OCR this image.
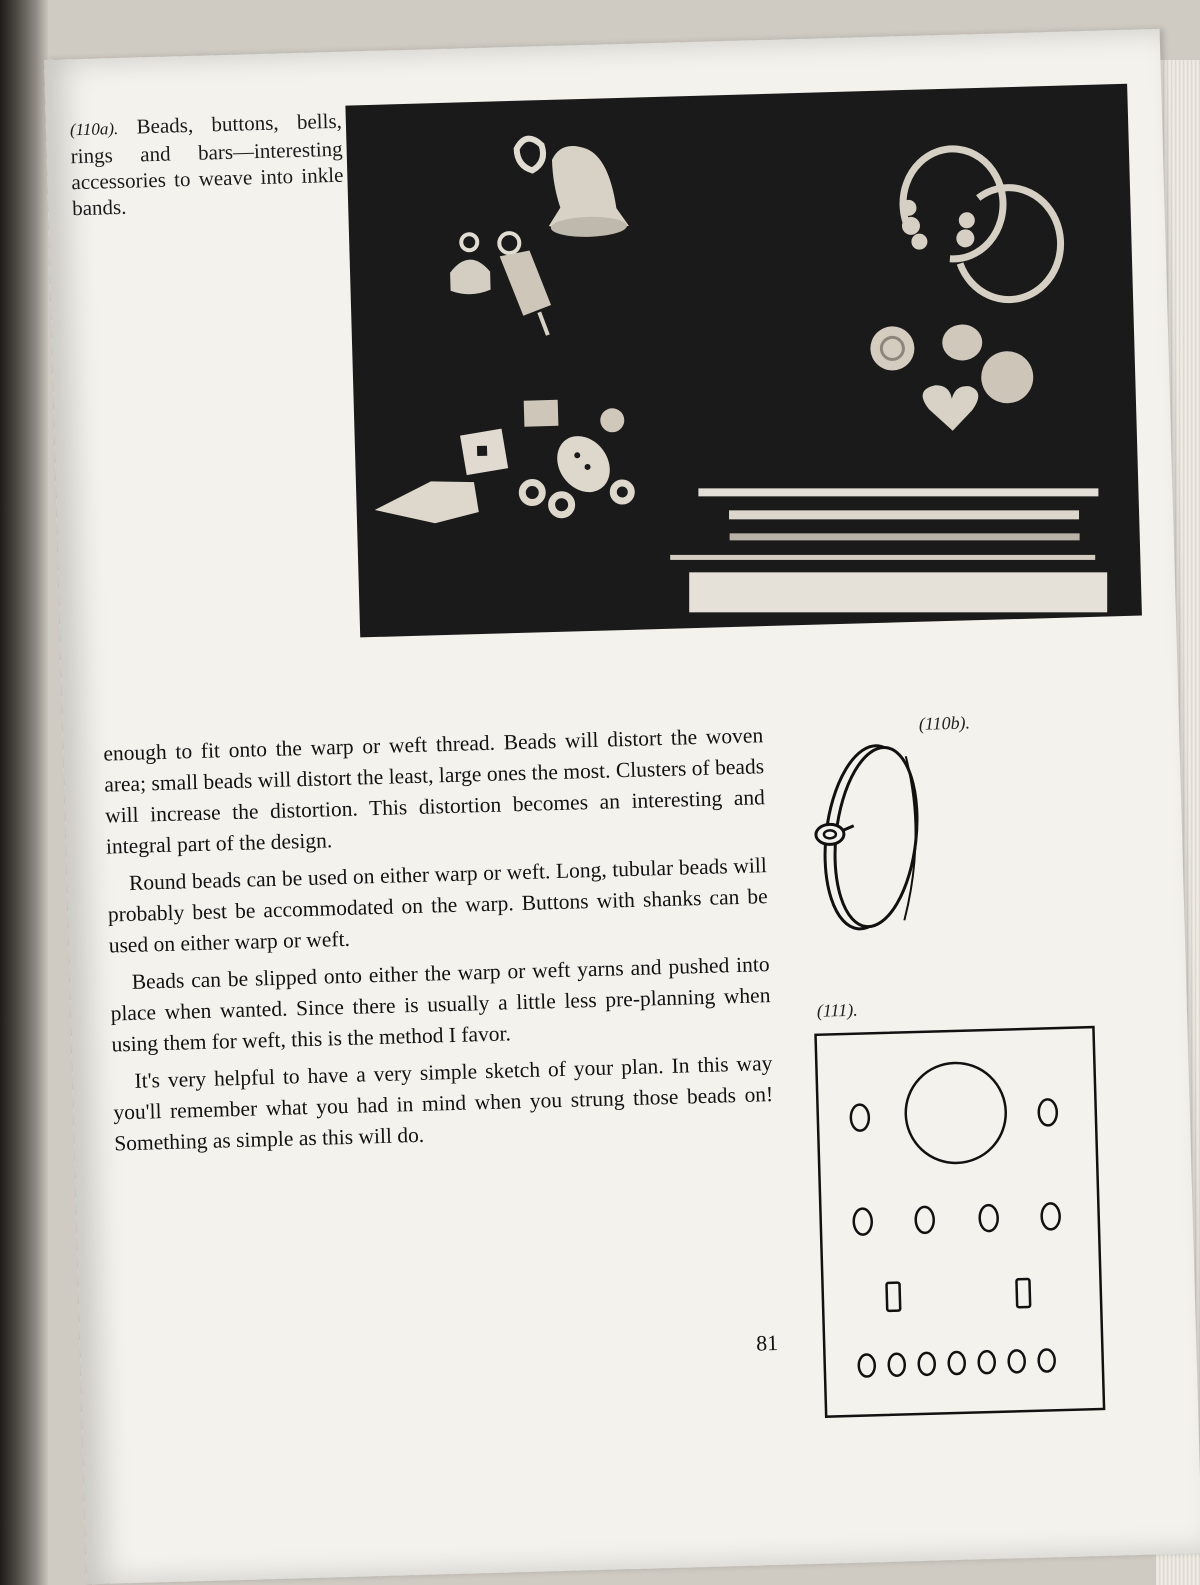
(110a). Beads, buttons, bells, rings and bars—interesting accessories to weave into inkle bands.

enough to fit onto the warp or weft thread. Beads will distort the woven area; small beads will distort the least, large ones the most. Clusters of beads will increase the distortion. This distortion becomes an interesting and integral part of the design.

Round beads can be used on either warp or weft. Long, tubular beads will probably best be accommodated on the warp. Buttons with shanks can be used on either warp or weft.

Beads can be slipped onto either the warp or weft yarns and pushed into place when wanted. Since there is usually a little less pre-planning when using them for weft, this is the method I favor.

It's very helpful to have a very simple sketch of your plan. In this way you'll remember what you had in mind when you strung those beads on! Something as simple as this will do.

(110b).
(111).
81
